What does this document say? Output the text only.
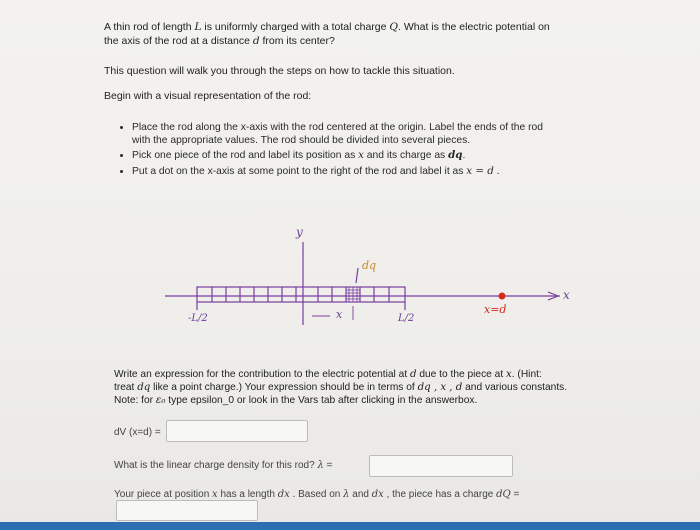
A thin rod of length L is uniformly charged with a total charge Q. What is the electric potential on
the axis of the rod at a distance d from its center?
This question will walk you through the steps on how to tackle this situation.
Begin with a visual representation of the rod:
• Place the rod along the x-axis with the rod centered at the origin. Label the ends of the rod
with the appropriate values. The rod should be divided into several pieces.
• Pick one piece of the rod and label its position as x and its charge as dq.
• Put a dot on the x-axis at some point to the right of the rod and label it as x = d .
y
x
dq
-L/2	L/2
x	x=d
Write an expression for the contribution to the electric potential at d due to the piece at x. (Hint:
treat dq like a point charge.) Your expression should be in terms of dq , x , d and various constants.
Note: for ε₀ type epsilon_0 or look in the Vars tab after clicking in the answerbox.
dV (x=d) =
What is the linear charge density for this rod? λ =
Your piece at position x has a length dx . Based on λ and dx , the piece has a charge dQ =
